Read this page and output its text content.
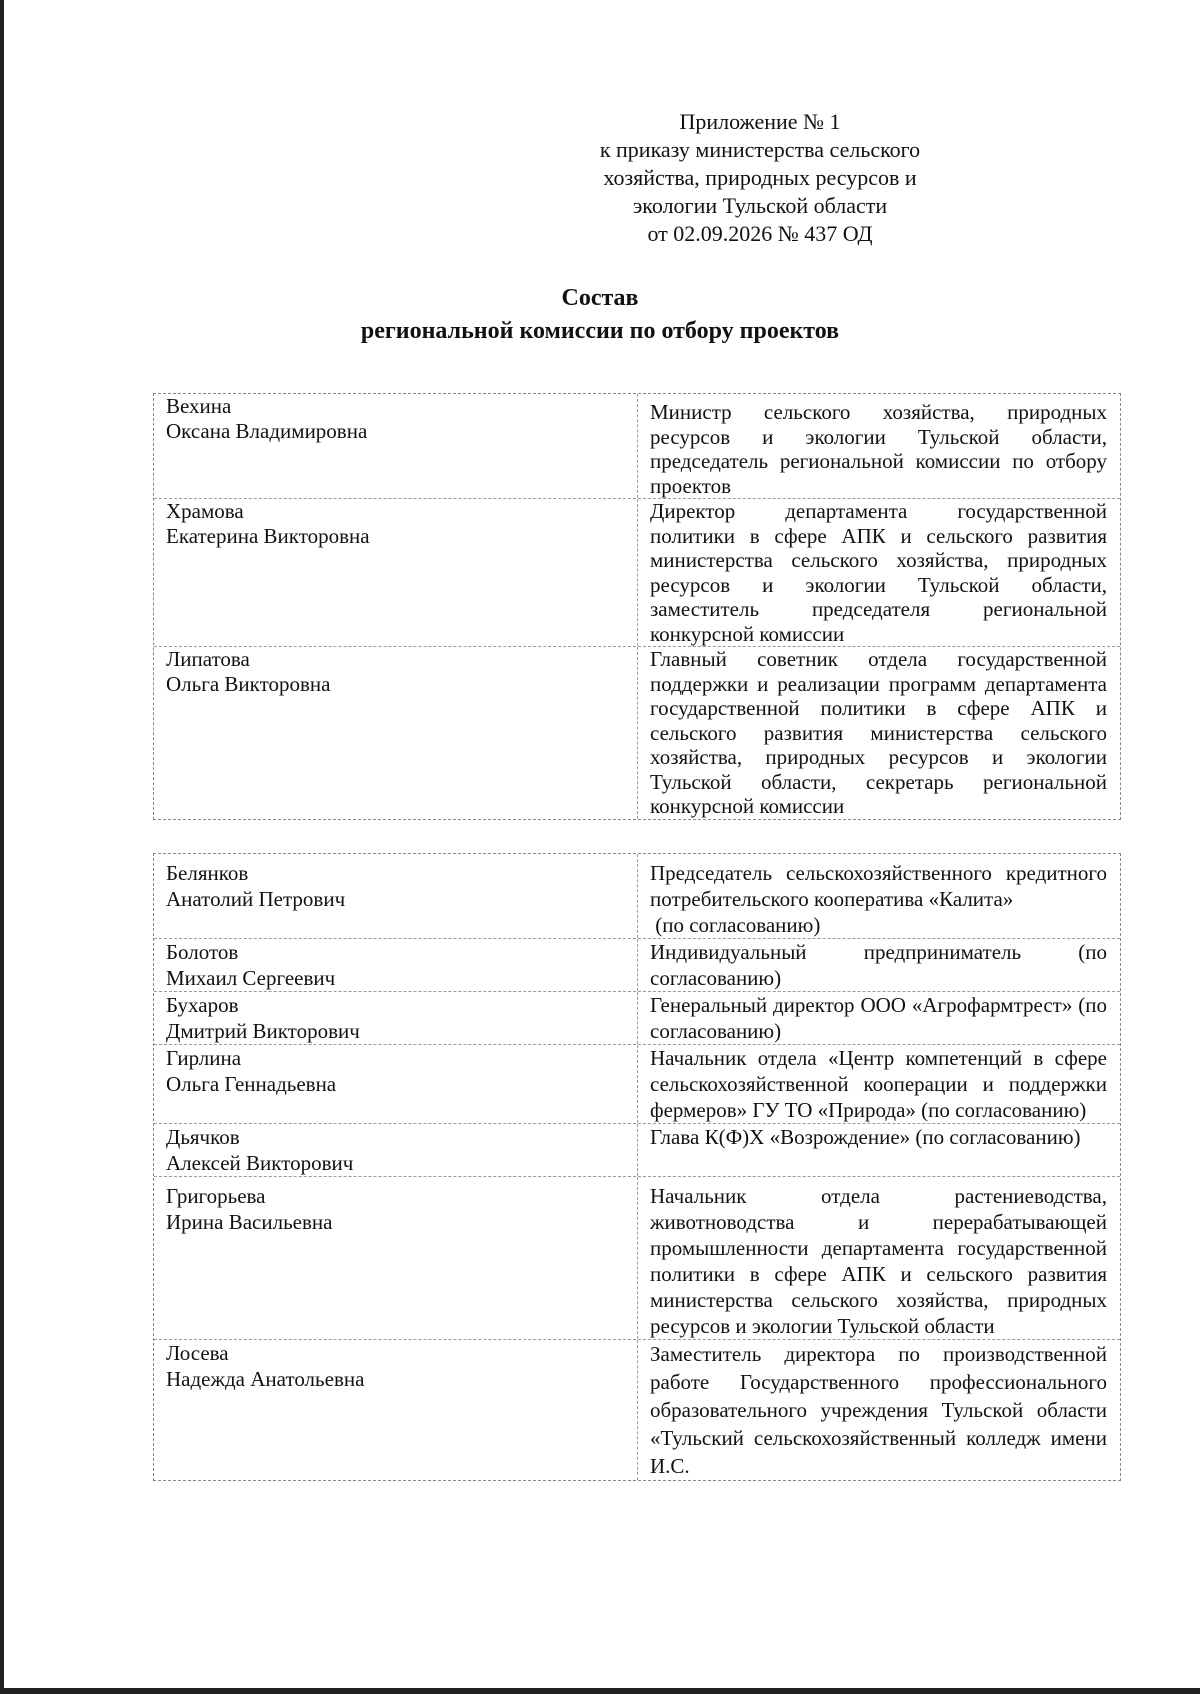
Приложение № 1
к приказу министерства сельского
хозяйства, природных ресурсов и
экологии Тульской области
от 02.09.2026 № 437 ОД
Состав
региональной комиссии по отбору проектов
Вехина
Оксана Владимировна
Министр сельского хозяйства, природных ресурсов и экологии Тульской области, председатель региональной комиссии по отбору проектов
Храмова
Екатерина Викторовна
Директор департамента государственной политики в сфере АПК и сельского развития министерства сельского хозяйства, природных ресурсов и экологии Тульской области, заместитель председателя региональной конкурсной комиссии
Липатова
Ольга Викторовна
Главный советник отдела государственной поддержки и реализации программ департамента государственной политики в сфере АПК и сельского развития министерства сельского хозяйства, природных ресурсов и экологии Тульской области, секретарь региональной конкурсной комиссии
Белянков
Анатолий Петрович
Председатель сельскохозяйственного кредитного потребительского кооператива «Калита»
(по согласованию)
Болотов
Михаил Сергеевич
Индивидуальный предприниматель (по согласованию)
Бухаров
Дмитрий Викторович
Генеральный директор ООО «Агрофармтрест» (по согласованию)
Гирлина
Ольга Геннадьевна
Начальник отдела «Центр компетенций в сфере сельскохозяйственной кооперации и поддержки фермеров» ГУ ТО «Природа» (по согласованию)
Дьячков
Алексей Викторович
Глава К(Ф)Х «Возрождение» (по согласованию)
Григорьева
Ирина Васильевна
Начальник отдела растениеводства, животноводства и перерабатывающей промышленности департамента государственной политики в сфере АПК и сельского развития министерства сельского хозяйства, природных ресурсов и экологии Тульской области
Лосева
Надежда Анатольевна
Заместитель директора по производственной работе Государственного профессионального образовательного учреждения Тульской области «Тульский сельскохозяйственный колледж имени И.С.
